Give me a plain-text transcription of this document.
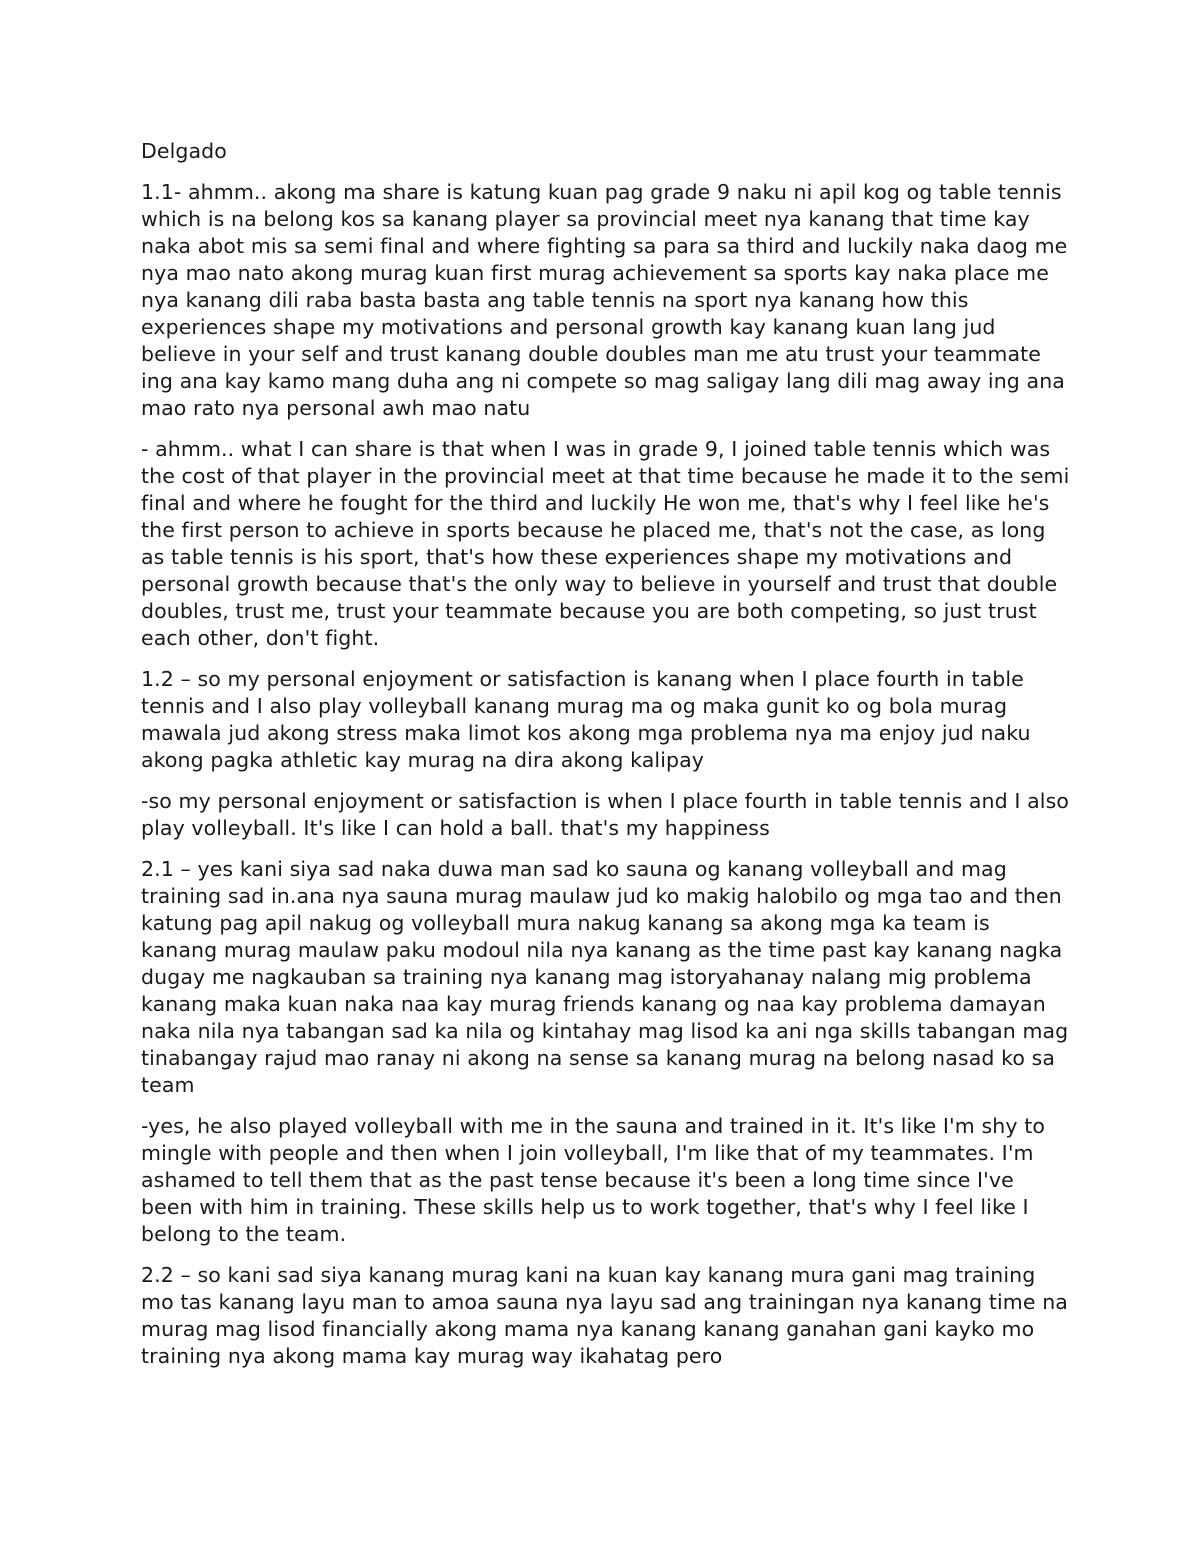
Delgado

1.1- ahmm.. akong ma share is katung kuan pag grade 9 naku ni apil kog og table tennis which is na belong kos sa kanang player sa provincial meet nya kanang that time kay naka abot mis sa semi final and where fighting sa para sa third and luckily naka daog me nya mao nato akong murag kuan first murag achievement sa sports kay naka place me nya kanang dili raba basta basta ang table tennis na sport nya kanang how this experiences shape my motivations and personal growth kay kanang kuan lang jud believe in your self and trust kanang double doubles man me atu trust your teammate ing ana kay kamo mang duha ang ni compete so mag saligay lang dili mag away ing ana mao rato nya personal awh mao natu

- ahmm.. what I can share is that when I was in grade 9, I joined table tennis which was the cost of that player in the provincial meet at that time because he made it to the semi final and where he fought for the third and luckily He won me, that's why I feel like he's the first person to achieve in sports because he placed me, that's not the case, as long as table tennis is his sport, that's how these experiences shape my motivations and personal growth because that's the only way to believe in yourself and trust that double doubles, trust me, trust your teammate because you are both competing, so just trust each other, don't fight.

1.2 – so my personal enjoyment or satisfaction is kanang when I place fourth in table tennis and I also play volleyball kanang murag ma og maka gunit ko og bola murag mawala jud akong stress maka limot kos akong mga problema nya ma enjoy jud naku akong pagka athletic kay murag na dira akong kalipay

-so my personal enjoyment or satisfaction is when I place fourth in table tennis and I also play volleyball. It's like I can hold a ball. that's my happiness

2.1 – yes kani siya sad naka duwa man sad ko sauna og kanang volleyball and mag training sad in.ana nya sauna murag maulaw jud ko makig halobilo og mga tao and then katung pag apil nakug og volleyball mura nakug kanang sa akong mga ka team is kanang murag maulaw paku modoul nila nya kanang as the time past kay kanang nagka dugay me nagkauban sa training nya kanang mag istoryahanay nalang mig problema kanang maka kuan naka naa kay murag friends kanang og naa kay problema damayan naka nila nya tabangan sad ka nila og kintahay mag lisod ka ani nga skills tabangan mag tinabangay rajud mao ranay ni akong na sense sa kanang murag na belong nasad ko sa team

-yes, he also played volleyball with me in the sauna and trained in it. It's like I'm shy to mingle with people and then when I join volleyball, I'm like that of my teammates. I'm ashamed to tell them that as the past tense because it's been a long time since I've been with him in training. These skills help us to work together, that's why I feel like I belong to the team.

2.2 – so kani sad siya kanang murag kani na kuan kay kanang mura gani mag training mo tas kanang layu man to amoa sauna nya layu sad ang trainingan nya kanang time na murag mag lisod financially akong mama nya kanang kanang ganahan gani kayko mo training nya akong mama kay murag way ikahatag pero
